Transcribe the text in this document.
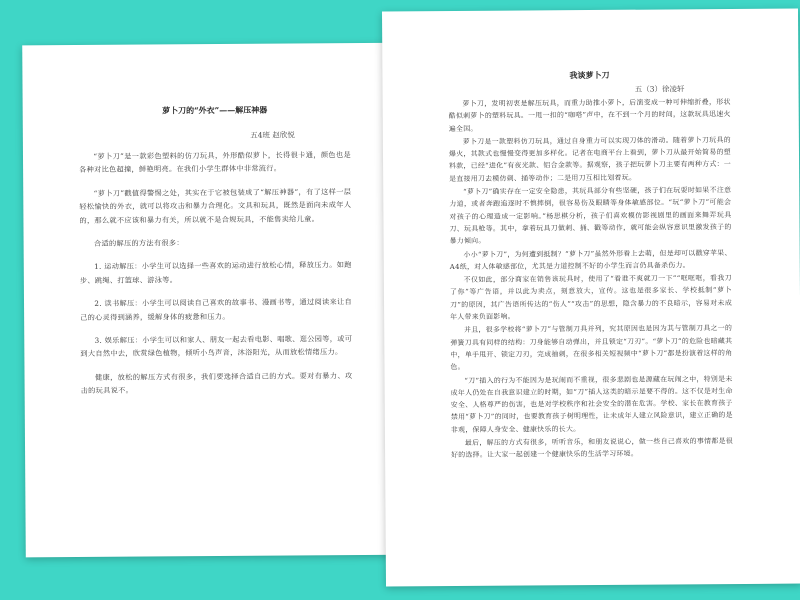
萝卜刀的“外衣”——解压神器

五4班 赵欣悦

“萝卜刀”是一款彩色塑料的仿刀玩具，外形酷似萝卜，长得很卡通，颜色也是各种对比色超撞，鲜艳明亮。在我们小学生群体中非常流行。

“萝卜刀”戳值得警惕之处，其实在于它被包装成了“解压神器”，有了这样一层轻松愉快的外衣，就可以将攻击和暴力合理化。文具和玩具，既然是面向未成年人的，那么就不应该和暴力有关，所以就不是合规玩具，不能售卖给儿童。

合适的解压的方法有很多：

1. 运动解压：小学生可以选择一些喜欢的运动进行放松心情，释放压力。如跑步、跳绳、打篮球、游泳等。

2. 读书解压：小学生可以阅读自己喜欢的故事书、漫画书等，通过阅读来让自己的心灵得到涵养，缓解身体的疲惫和压力。

3. 娱乐解压：小学生可以和家人、朋友一起去看电影、唱歌、逛公园等，或可到大自然中去，欣赏绿色植物，倾听小鸟声音，沐浴阳光，从而放松情绪压力。

健康，放松的解压方式有很多，我们要选择合适自己的方式。要对有暴力、攻击的玩具说不。

我谈萝卜刀

五（3）徐凌轩

萝卜刀，发明初衷是解压玩具，而重力助推小萝卜，后演变成一种可伸缩折叠，形状酷似刺萝卜的塑料玩具。一甩一扣的“咖嗒”声中，在不到一个月的时间，这款玩具迅速火遍全国。

萝卜刀是一款塑料仿刀玩具，通过自身重力可以实现刀体的滑动。随着萝卜刀玩具的爆火，其款式也慢慢变得更加多样化。记者在电商平台上看到，萝卜刀从最开始简易的塑料款，已经“进化”有夜光款、铝合金款等。据观察，孩子把玩萝卜刀主要有两种方式：一是直接用刀去模仿刺、捅等动作；二是用刀互相比划着玩。

“萝卜刀”确实存在一定安全隐患，其玩具部分有些坚硬，孩子们在玩耍时如果不注意力道，或者奔跑追逐时不慎摔倒，很容易伤及眼睛等身体敏感部位。“玩“萝卜刀”可能会对孩子的心理造成一定影响。”杨思棋分析，孩子们喜欢模仿影视剧里的画面来舞弄玩具刀、玩具枪等。其中，拿着玩具刀做刺、捅、戳等动作，就可能会纵容意识里激发孩子的暴力倾向。

小小“萝卜刀”，为何遭到抵制？“萝卜刀”虽然外形看上去萌，但是却可以戳穿苹果、A4纸，对人体敏感部位，尤其是力道控制不好的小学生而言仍具备杀伤力。

不仅如此，部分商家在销售该玩具时，使用了“看谁不爽就刀一下”“哐哐哐，看我刀了你”等广告语，并以此为卖点，刻意放大，宣传。这也是很多家长、学校抵制“萝卜刀”的原因，其广告语所传达的“伤人”“攻击”的思想，隐含暴力的不良暗示，容易对未成年人带来负面影响。

并且，很多学校将“萝卜刀”与管制刀具并列，究其原因也是因为其与管制刀具之一的弹簧刀具有同样的结构：刀身能够自动弹出，并且锁定“刀刃”。“萝卜刀”的危险也暗藏其中，单手甩开、锁定刀刃，完成抽刺，在很多相关短视频中“萝卜刀”都是扮演着这样的角色。

“刀”插入的行为不能因为是玩闹而不重视，很多悲剧也是源藏在玩闹之中，特别是未成年人仍处在自我意识建立的时期，如“刀”插人这类的暗示是要不得的。这不仅是对生命安全、人格尊严的伤害，也是对学校秩序和社会安全的潜在危害。学校、家长在教育孩子禁用“萝卜刀”的同时，也要教育孩子树明理性，让未成年人建立风险意识，建立正确的是非观，保障人身安全、健康快乐的长大。

最后，解压的方式有很多，听听音乐，和朋友说说心，做一些自己喜欢的事情都是很好的选择。让大家一起创建一个健康快乐的生活学习环境。
